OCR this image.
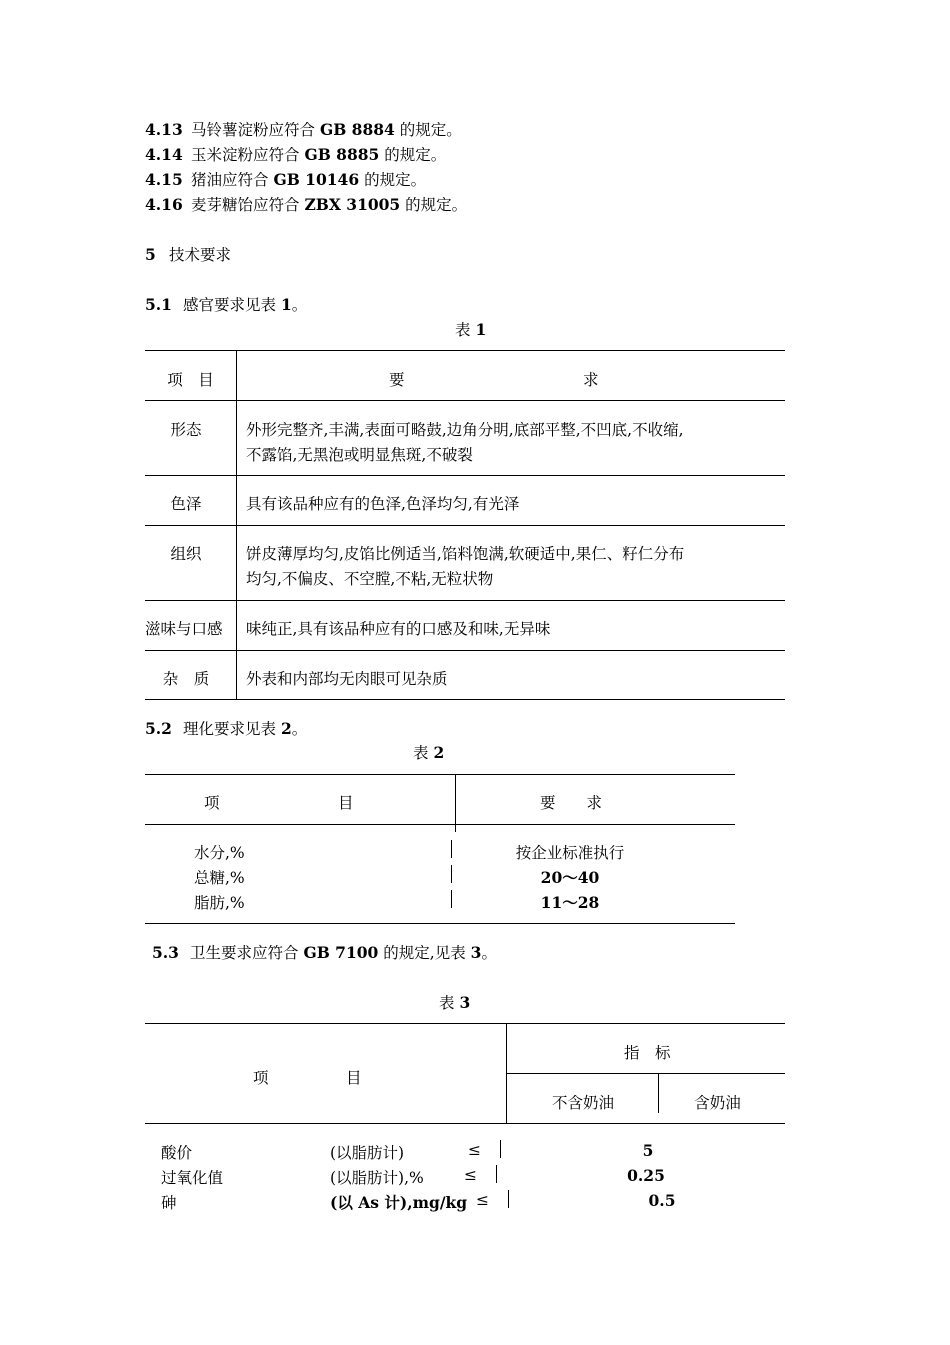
4.13 马铃薯淀粉应符合 GB 8884 的规定。
4.14 玉米淀粉应符合 GB 8885 的规定。
4.15 猪油应符合 GB 10146 的规定。
4.16 麦芽糖饴应符合 ZBX 31005 的规定。
5 技术要求
5.1 感官要求见表 1。
表 1
项　目	要	求
形态	外形完整齐,丰满,表面可略鼓,边角分明,底部平整,不凹底,不收缩,
不露馅,无黑泡或明显焦斑,不破裂
色泽	具有该品种应有的色泽,色泽均匀,有光泽
组织	饼皮薄厚均匀,皮馅比例适当,馅料饱满,软硬适中,果仁、籽仁分布
均匀,不偏皮、不空膛,不粘,无粒状物
滋味与口感 味纯正,具有该品种应有的口感及和味,无异味
杂　质	外表和内部均无肉眼可见杂质
5.2 理化要求见表 2。
表 2
项	目	要　　求
水分,%	按企业标准执行
总糖,%	20～40
脂肪,%	11～28
5.3 卫生要求应符合 GB 7100 的规定,见表 3。
表 3
项	目
指　标
不含奶油	含奶油
酸价	(以脂肪计)	≤	5
过氧化值	(以脂肪计),%	≤	0.25
砷	(以 As 计),mg/kg ≤	0.5
